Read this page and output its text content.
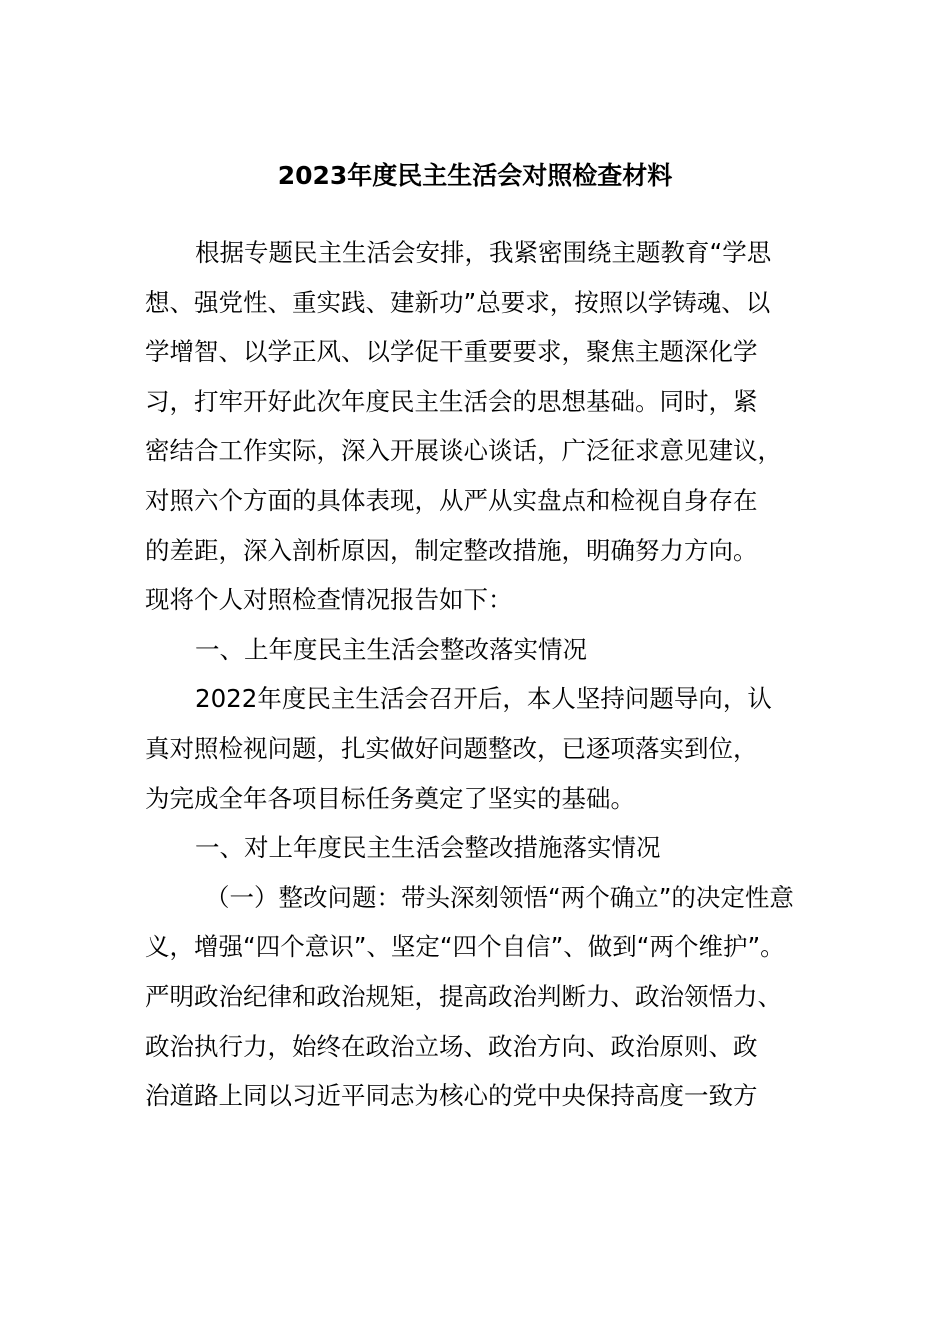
2023年度民主生活会对照检查材料
根据专题民主生活会安排，我紧密围绕主题教育“学思
想、强党性、重实践、建新功”总要求，按照以学铸魂、以
学增智、以学正风、以学促干重要要求，聚焦主题深化学
习，打牢开好此次年度民主生活会的思想基础。同时，紧
密结合工作实际，深入开展谈心谈话，广泛征求意见建议，
对照六个方面的具体表现，从严从实盘点和检视自身存在
的差距，深入剖析原因，制定整改措施，明确努力方向。
现将个人对照检查情况报告如下：
一、上年度民主生活会整改落实情况
2022年度民主生活会召开后，本人坚持问题导向，认
真对照检视问题，扎实做好问题整改，已逐项落实到位，
为完成全年各项目标任务奠定了坚实的基础。
一、对上年度民主生活会整改措施落实情况
（一）整改问题：带头深刻领悟“两个确立”的决定性意
义，增强“四个意识”、坚定“四个自信”、做到“两个维护”。
严明政治纪律和政治规矩，提高政治判断力、政治领悟力、
政治执行力，始终在政治立场、政治方向、政治原则、政
治道路上同以习近平同志为核心的党中央保持高度一致方
